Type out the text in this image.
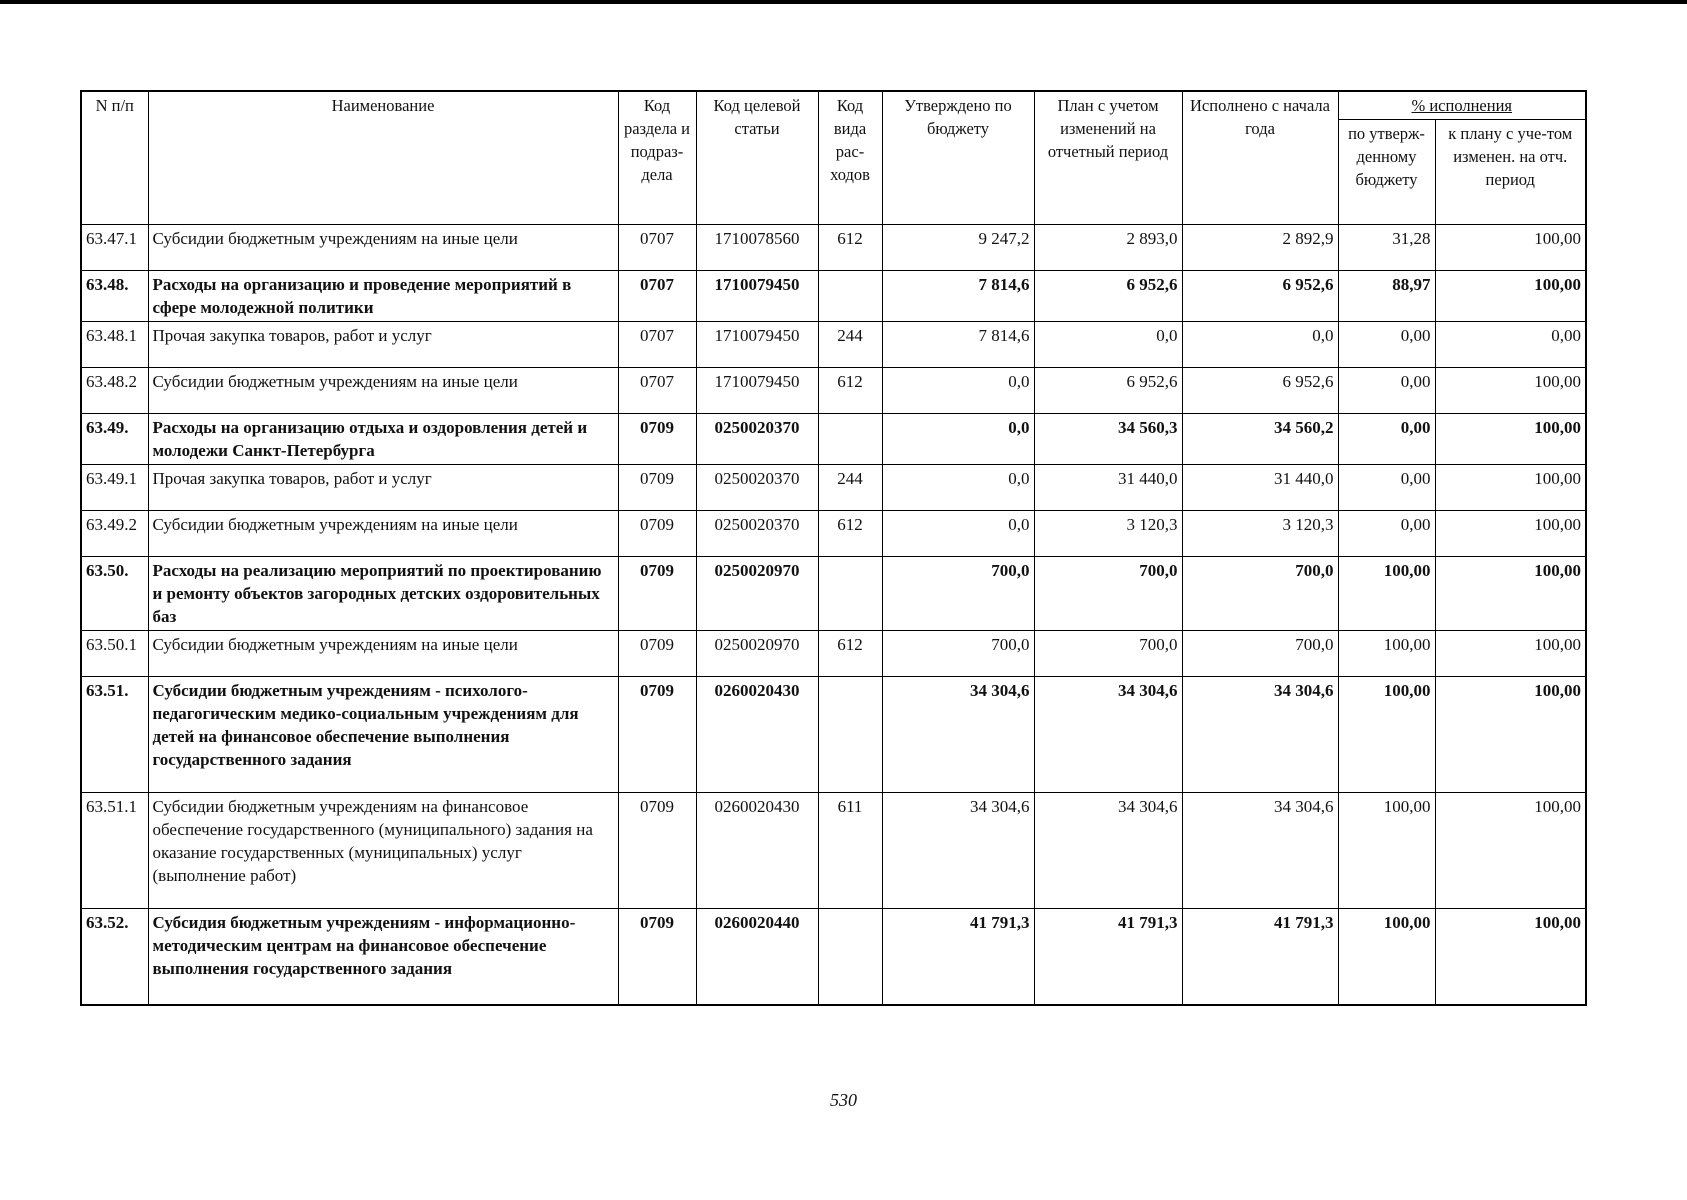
N п/п	Наименование	Код раздела и подраз-дела	Код целевой статьи	Код вида рас-ходов	Утверждено по бюджету	План с учетом изменений на отчетный период	Исполнено с начала года	% исполнения	
								по утверж-денному бюджету	к плану с уче-том изменен. на отч. период
63.47.1	Субсидии бюджетным учреждениям на иные цели	0707	1710078560	612	9 247,2	2 893,0	2 892,9	31,28	100,00
63.48.	Расходы на организацию и проведение мероприятий в сфере молодежной политики	0707	1710079450		7 814,6	6 952,6	6 952,6	88,97	100,00
63.48.1	Прочая закупка товаров, работ и услуг	0707	1710079450	244	7 814,6	0,0	0,0	0,00	0,00
63.48.2	Субсидии бюджетным учреждениям на иные цели	0707	1710079450	612	0,0	6 952,6	6 952,6	0,00	100,00
63.49.	Расходы на организацию отдыха и оздоровления детей и молодежи Санкт-Петербурга	0709	0250020370		0,0	34 560,3	34 560,2	0,00	100,00
63.49.1	Прочая закупка товаров, работ и услуг	0709	0250020370	244	0,0	31 440,0	31 440,0	0,00	100,00
63.49.2	Субсидии бюджетным учреждениям на иные цели	0709	0250020370	612	0,0	3 120,3	3 120,3	0,00	100,00
63.50.	Расходы на реализацию мероприятий по проектированию и ремонту объектов загородных детских оздоровительных баз	0709	0250020970		700,0	700,0	700,0	100,00	100,00
63.50.1	Субсидии бюджетным учреждениям на иные цели	0709	0250020970	612	700,0	700,0	700,0	100,00	100,00
63.51.	Субсидии бюджетным учреждениям - психолого-педагогическим медико-социальным учреждениям для детей на финансовое обеспечение выполнения государственного задания	0709	0260020430		34 304,6	34 304,6	34 304,6	100,00	100,00
63.51.1	Субсидии бюджетным учреждениям на финансовое обеспечение государственного (муниципального) задания на оказание государственных (муниципальных) услуг (выполнение работ)	0709	0260020430	611	34 304,6	34 304,6	34 304,6	100,00	100,00
63.52.	Субсидия бюджетным учреждениям - информационно-методическим центрам на финансовое обеспечение выполнения государственного задания	0709	0260020440		41 791,3	41 791,3	41 791,3	100,00	100,00
530
